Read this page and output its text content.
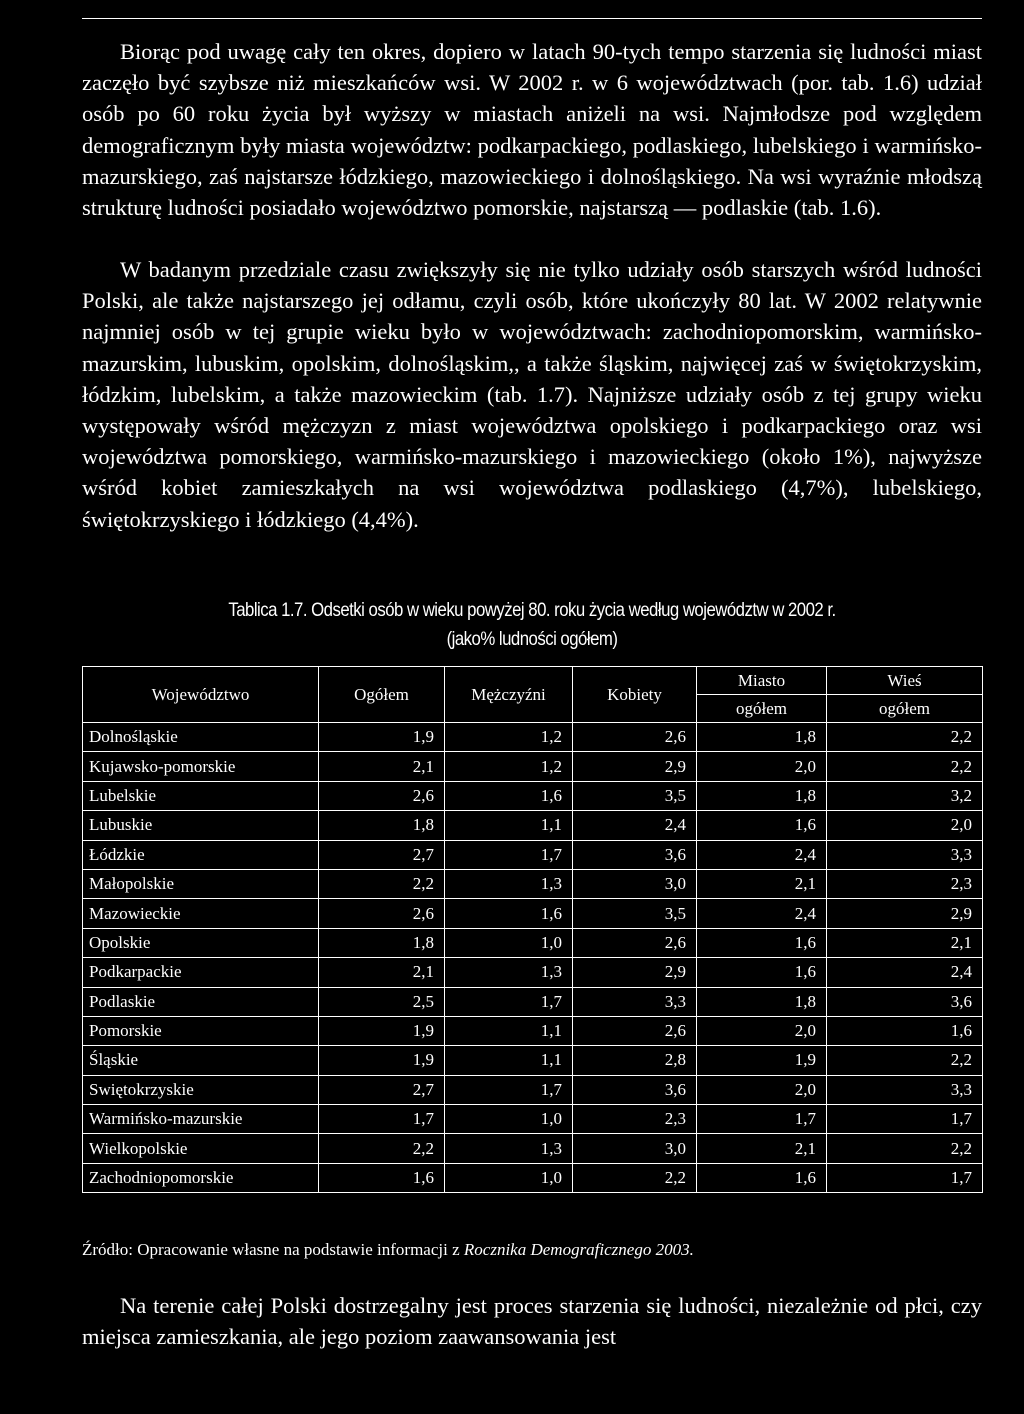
Biorąc pod uwagę cały ten okres, dopiero w latach 90-tych tempo starzenia się ludności miast zaczęło być szybsze niż mieszkańców wsi. W 2002 r. w 6 województwach (por. tab. 1.6) udział osób po 60 roku życia był wyższy w miastach aniżeli na wsi. Najmłodsze pod względem demograficznym były miasta województw: podkarpackiego, podlaskiego, lubelskiego i warmińsko-mazurskiego, zaś najstarsze łódzkiego, mazowieckiego i dolnośląskiego. Na wsi wyraźnie młodszą strukturę ludności posiadało województwo pomorskie, najstarszą — podlaskie (tab. 1.6).

W badanym przedziale czasu zwiększyły się nie tylko udziały osób starszych wśród ludności Polski, ale także najstarszego jej odłamu, czyli osób, które ukończyły 80 lat. W 2002 relatywnie najmniej osób w tej grupie wieku było w województwach: zachodniopomorskim, warmińsko-mazurskim, lubuskim, opolskim, dolnośląskim,, a także śląskim, najwięcej zaś w świętokrzyskim, łódzkim, lubelskim, a także mazowieckim (tab. 1.7). Najniższe udziały osób z tej grupy wieku występowały wśród mężczyzn z miast województwa opolskiego i podkarpackiego oraz wsi województwa pomorskiego, warmińsko-mazurskiego i mazowieckiego (około 1%), najwyższe wśród kobiet zamieszkałych na wsi województwa podlaskiego (4,7%), lubelskiego, świętokrzyskiego i łódzkiego (4,4%).

Tablica 1.7. Odsetki osób w wieku powyżej 80. roku życia według województw w 2002 r.
(jako% ludności ogółem)
Województwo	Ogółem	Mężczyźni	Kobiety	Miasto	Wieś
				ogółem	ogółem
Dolnośląskie	1,9	1,2	2,6	1,8	2,2
Kujawsko-pomorskie	2,1	1,2	2,9	2,0	2,2
Lubelskie	2,6	1,6	3,5	1,8	3,2
Lubuskie	1,8	1,1	2,4	1,6	2,0
Łódzkie	2,7	1,7	3,6	2,4	3,3
Małopolskie	2,2	1,3	3,0	2,1	2,3
Mazowieckie	2,6	1,6	3,5	2,4	2,9
Opolskie	1,8	1,0	2,6	1,6	2,1
Podkarpackie	2,1	1,3	2,9	1,6	2,4
Podlaskie	2,5	1,7	3,3	1,8	3,6
Pomorskie	1,9	1,1	2,6	2,0	1,6
Śląskie	1,9	1,1	2,8	1,9	2,2
Swiętokrzyskie	2,7	1,7	3,6	2,0	3,3
Warmińsko-mazurskie	1,7	1,0	2,3	1,7	1,7
Wielkopolskie	2,2	1,3	3,0	2,1	2,2
Zachodniopomorskie	1,6	1,0	2,2	1,6	1,7
Źródło: Opracowanie własne na podstawie informacji z Rocznika Demograficznego 2003.

Na terenie całej Polski dostrzegalny jest proces starzenia się ludności, niezależnie od płci, czy miejsca zamieszkania, ale jego poziom zaawansowania jest
